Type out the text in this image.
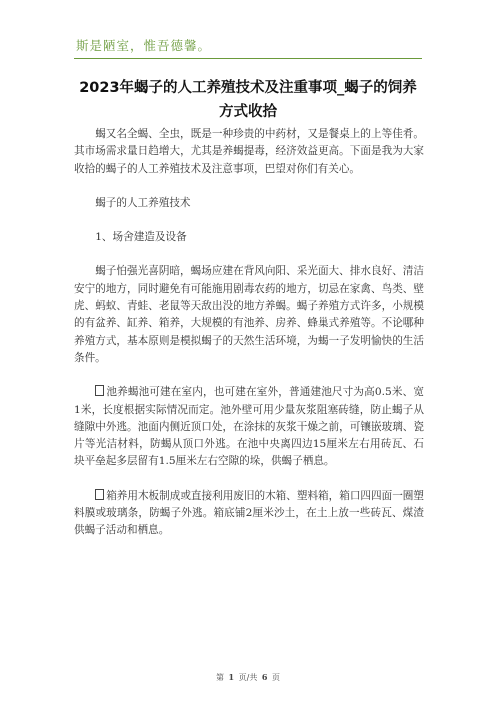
斯是陋室，惟吾德馨。
2023年蝎子的人工养殖技术及注重事项_蝎子的饲养方式收拾

蝎又名全蝎、全虫，既是一种珍贵的中药材，又是餐桌上的上等佳肴。其市场需求量日趋增大，尤其是养蝎提毒，经济效益更高。下面是我为大家收拾的蝎子的人工养殖技术及注意事项，巴望对你们有关心。

蝎子的人工养殖技术

1、场舍建造及设备

蝎子怕强光喜阴暗，蝎场应建在背风向阳、采光面大、排水良好、清洁安宁的地方，同时避免有可能施用剧毒农药的地方，切忌在家禽、鸟类、壁虎、蚂蚁、青蛙、老鼠等天敌出没的地方养蝎。蝎子养殖方式许多，小规模的有盆养、缸养、箱养，大规模的有池养、房养、蜂巢式养殖等。不论哪种养殖方式，基本原则是模拟蝎子的天然生活环境，为蝎一子发明愉快的生活条件。

池养蝎池可建在室内，也可建在室外，普通建池尺寸为高0.5米、宽1米，长度根据实际情况而定。池外壁可用少量灰浆阻塞砖缝，防止蝎子从缝隙中外逃。池面内侧近顶口处，在涂抹的灰浆干燥之前，可镶嵌玻璃、瓷片等光洁材料，防蝎从顶口外逃。在池中央离四边15厘米左右用砖瓦、石块平垒起多层留有1.5厘米左右空隙的垛，供蝎子栖息。

箱养用木板制成或直接利用废旧的木箱、塑料箱，箱口四四面一圈塑料膜或玻璃条，防蝎子外逃。箱底铺2厘米沙土，在土上放一些砖瓦、煤渣供蝎子活动和栖息。

第 1 页/共 6 页
